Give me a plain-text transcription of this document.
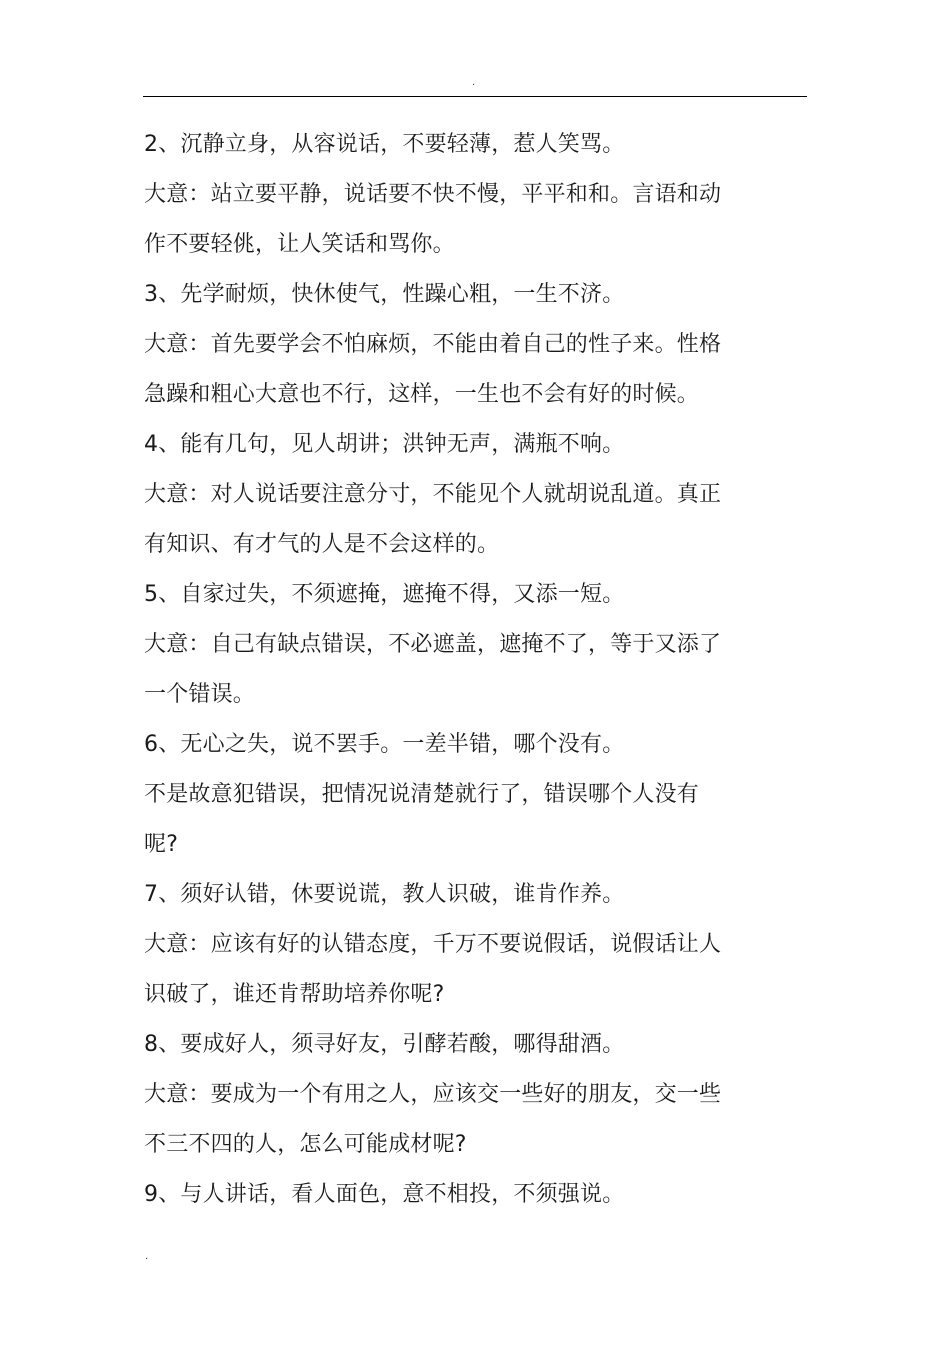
.
2、沉静立身，从容说话，不要轻薄，惹人笑骂。
大意：站立要平静，说话要不快不慢，平平和和。言语和动
作不要轻佻，让人笑话和骂你。
3、先学耐烦，快休使气，性躁心粗，一生不济。
大意：首先要学会不怕麻烦，不能由着自己的性子来。性格
急躁和粗心大意也不行，这样，一生也不会有好的时候。
4、能有几句，见人胡讲；洪钟无声，满瓶不响。
大意：对人说话要注意分寸，不能见个人就胡说乱道。真正
有知识、有才气的人是不会这样的。
5、自家过失，不须遮掩，遮掩不得，又添一短。
大意：自己有缺点错误，不必遮盖，遮掩不了，等于又添了
一个错误。
6、无心之失，说不罢手。一差半错，哪个没有。
不是故意犯错误，把情况说清楚就行了，错误哪个人没有
呢?
7、须好认错，休要说谎，教人识破，谁肯作养。
大意：应该有好的认错态度，千万不要说假话，说假话让人
识破了，谁还肯帮助培养你呢?
8、要成好人，须寻好友，引酵若酸，哪得甜酒。
大意：要成为一个有用之人，应该交一些好的朋友，交一些
不三不四的人，怎么可能成材呢?
9、与人讲话，看人面色，意不相投，不须强说。
.
